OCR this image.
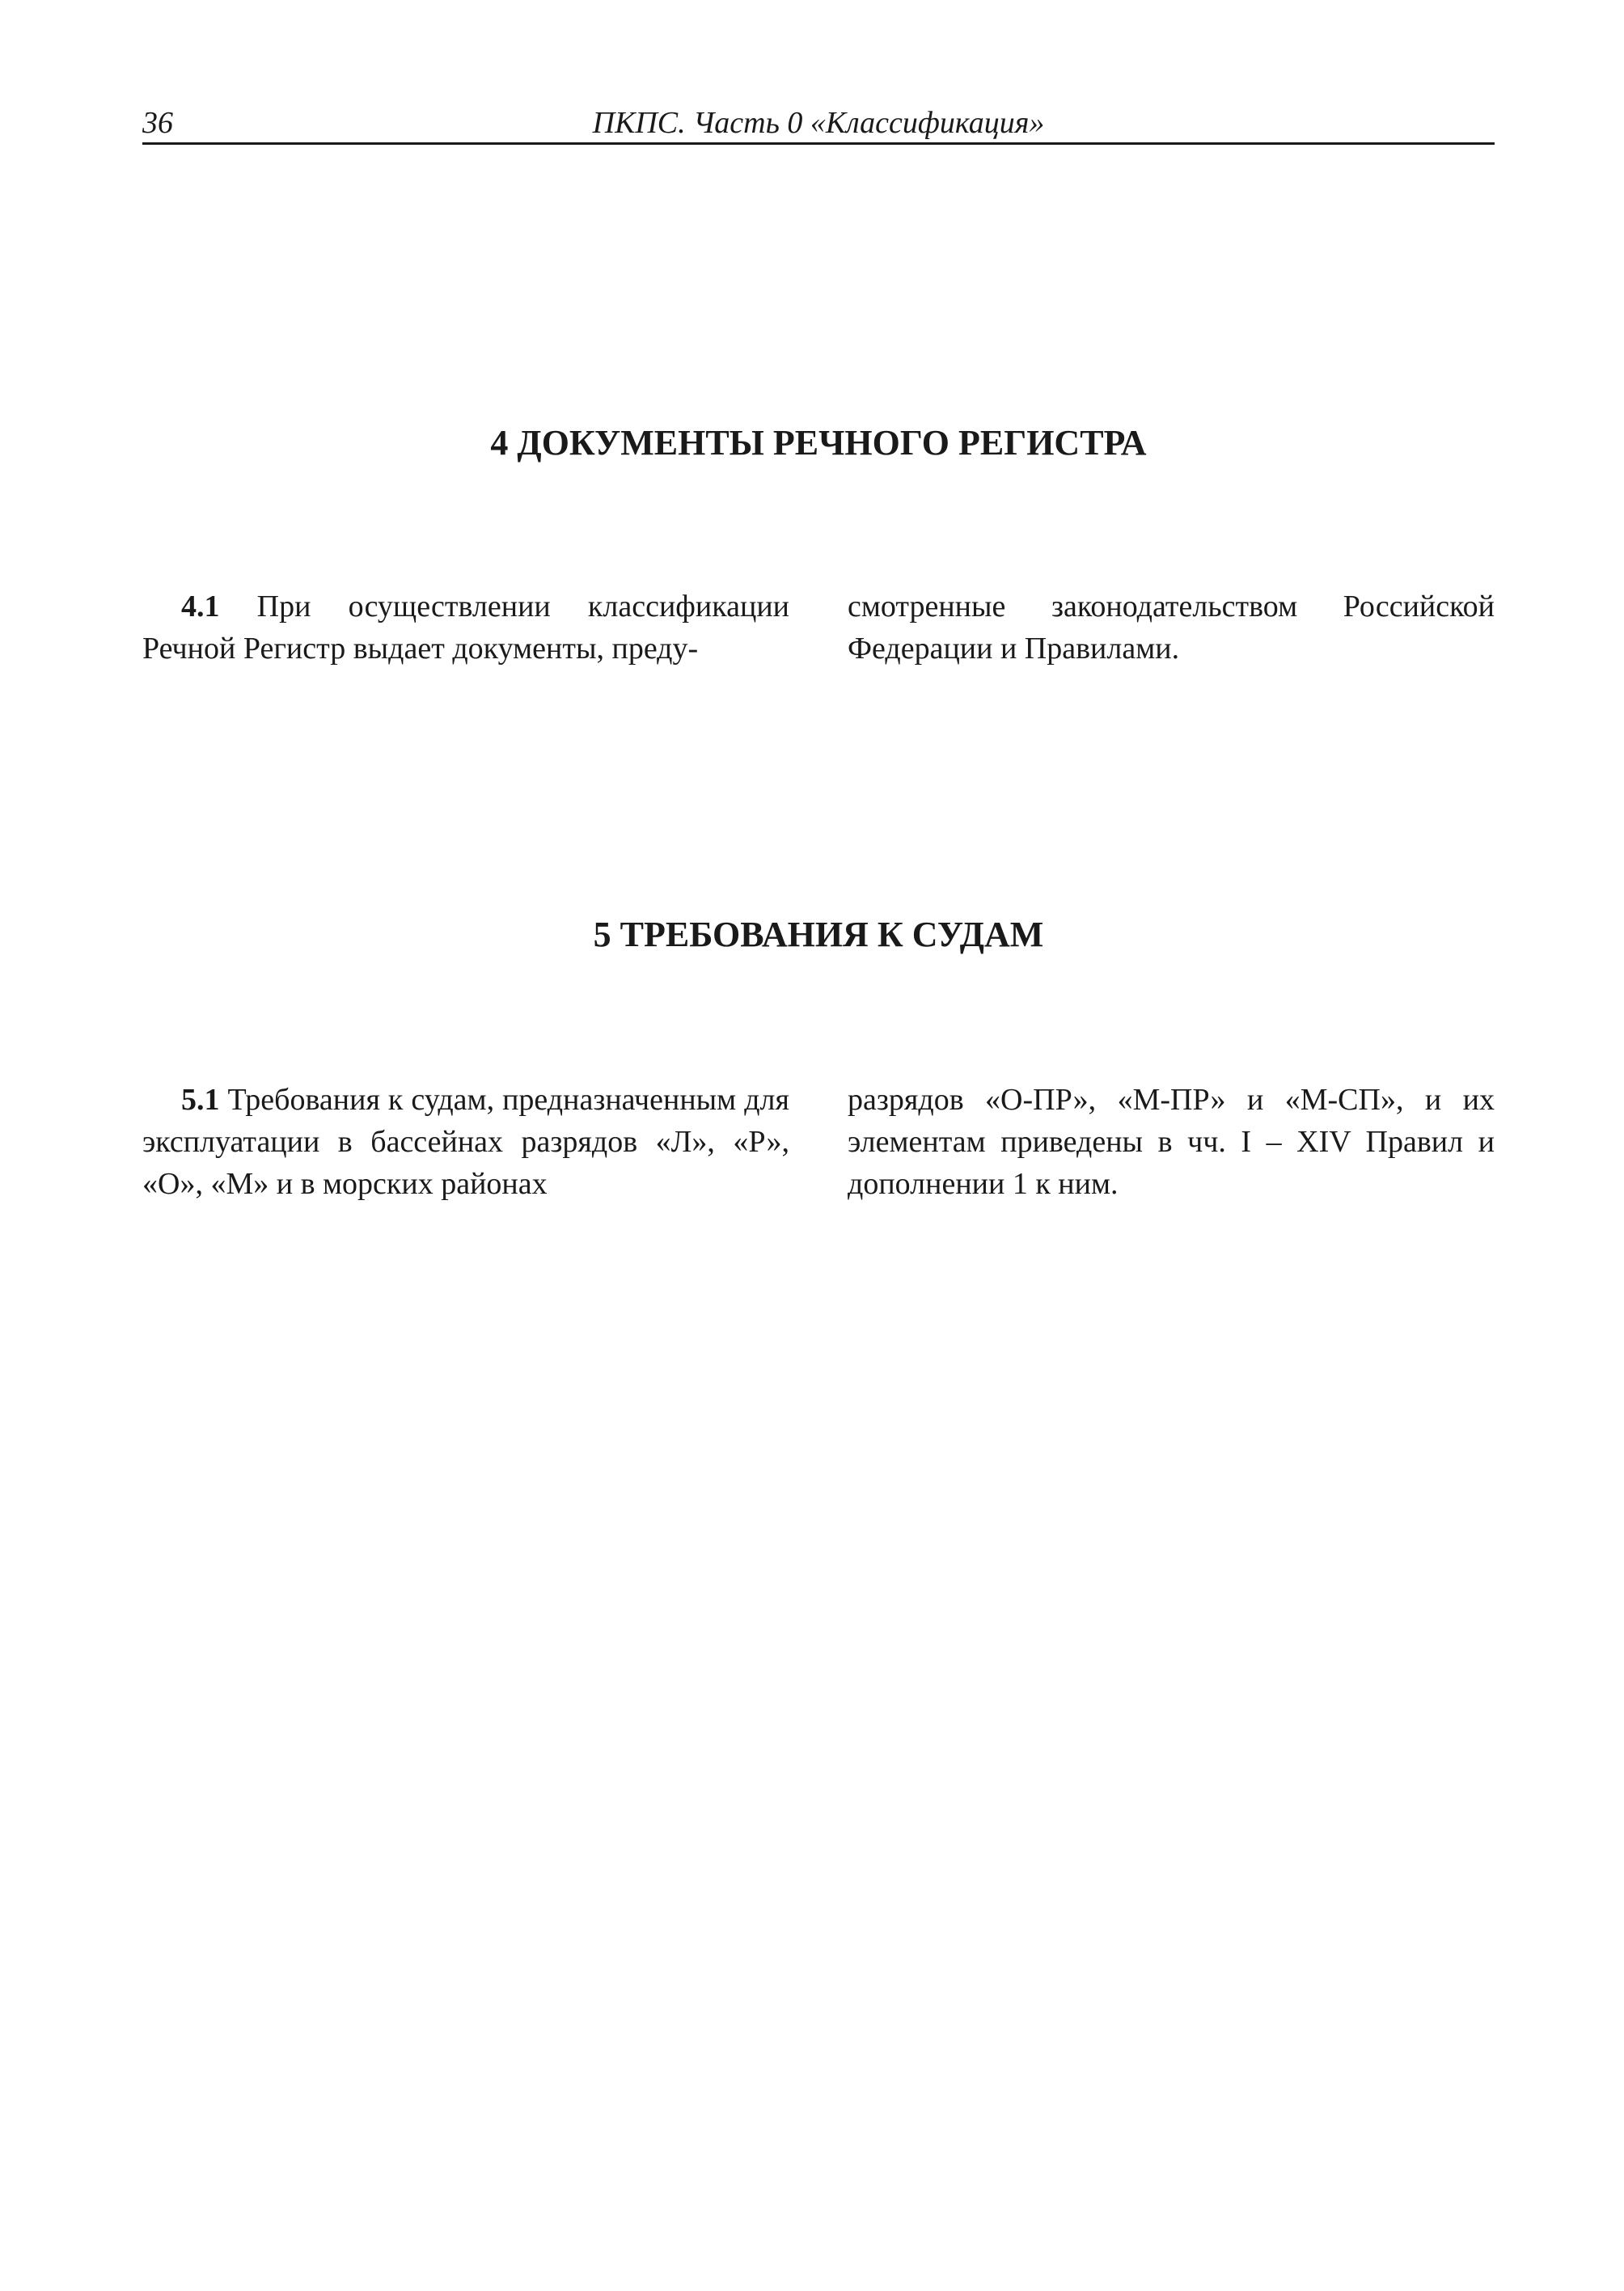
36	ПКПС. Часть 0 «Классификация»
4 ДОКУМЕНТЫ РЕЧНОГО РЕГИСТРА

4.1 При осуществлении классификации Речной Регистр выдает документы, преду-

смотренные законодательством Российской Федерации и Правилами.

5 ТРЕБОВАНИЯ К СУДАМ

5.1 Требования к судам, предназначенным для эксплуатации в бассейнах разрядов «Л», «Р», «О», «М» и в морских районах

разрядов «О-ПР», «М-ПР» и «М-СП», и их элементам приведены в чч. I – XIV Правил и дополнении 1 к ним.
